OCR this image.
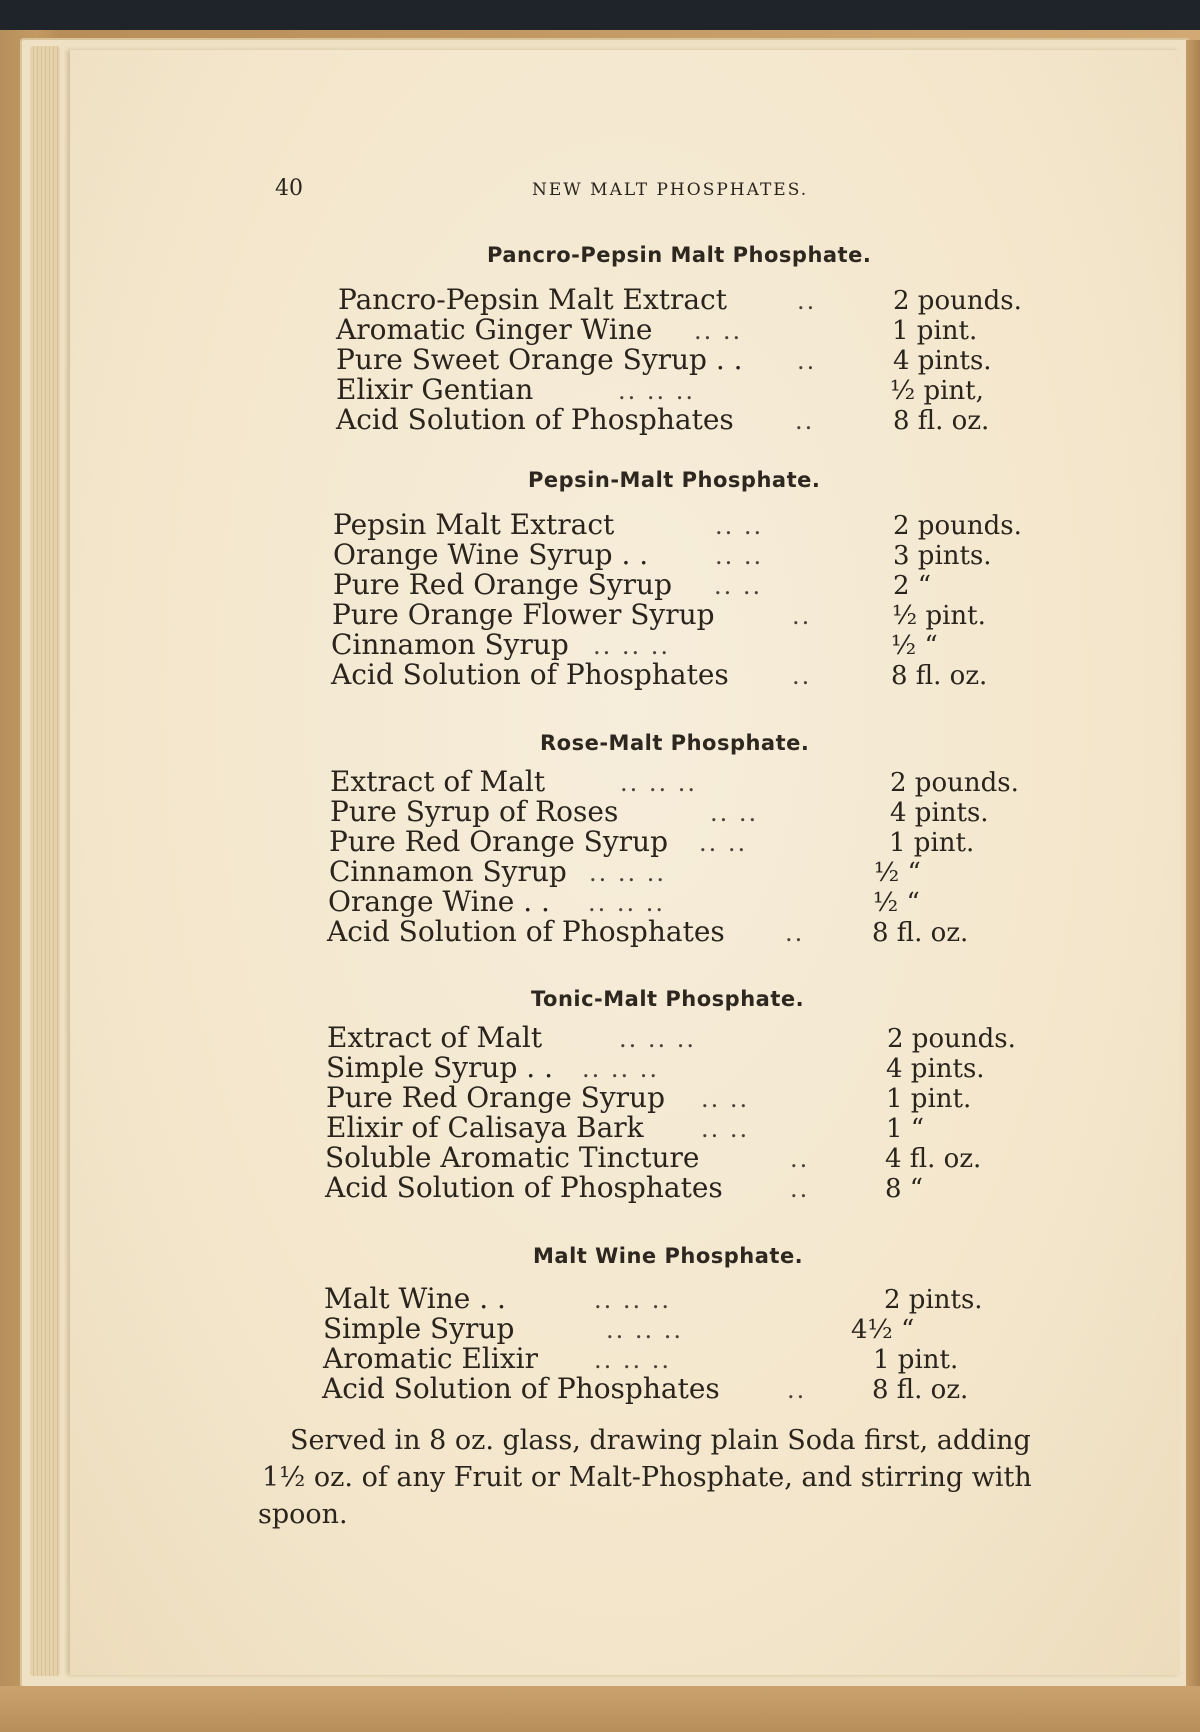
40	NEW MALT PHOSPHATES.
Pancro-Pepsin Malt Phosphate.
Pancro-Pepsin Malt Extract	..	2 pounds.
Aromatic Ginger Wine .. ..	1 pint.
Pure Sweet Orange Syrup . . ..	4 pints.
Elixir Gentian	.. .. ..	½ pint,
Acid Solution of Phosphates	..	8 fl. oz.
Pepsin-Malt Phosphate.
Pepsin Malt Extract	.. ..	2 pounds.
Orange Wine Syrup . .	.. ..	3 pints.
Pure Red Orange Syrup .. ..	2 “
Pure Orange Flower Syrup	..	½ pint.
Cinnamon Syrup .. .. ..	½ “
Acid Solution of Phosphates	..	8 fl. oz.
Rose-Malt Phosphate.
Extract of Malt	.. .. ..	2 pounds.
Pure Syrup of Roses	.. ..	4 pints.
Pure Red Orange Syrup .. ..	1 pint.
Cinnamon Syrup .. .. ..	½ “
Orange Wine . . .. .. ..	½ “
Acid Solution of Phosphates	..	8 fl. oz.
Tonic-Malt Phosphate.
Extract of Malt	.. .. ..	2 pounds.
Simple Syrup . . .. .. ..	4 pints.
Pure Red Orange Syrup .. ..	1 pint.
Elixir of Calisaya Bark .. ..	1 “
Soluble Aromatic Tincture	..	4 fl. oz.
Acid Solution of Phosphates	..	8 “
Malt Wine Phosphate.
Malt Wine . .	.. .. ..	2 pints.
Simple Syrup	.. .. ..	4½ “
Aromatic Elixir .. .. ..	1 pint.
Acid Solution of Phosphates	..	8 fl. oz.
Served in 8 oz. glass, drawing plain Soda first, adding
1½ oz. of any Fruit or Malt-Phosphate, and stirring with
spoon.
